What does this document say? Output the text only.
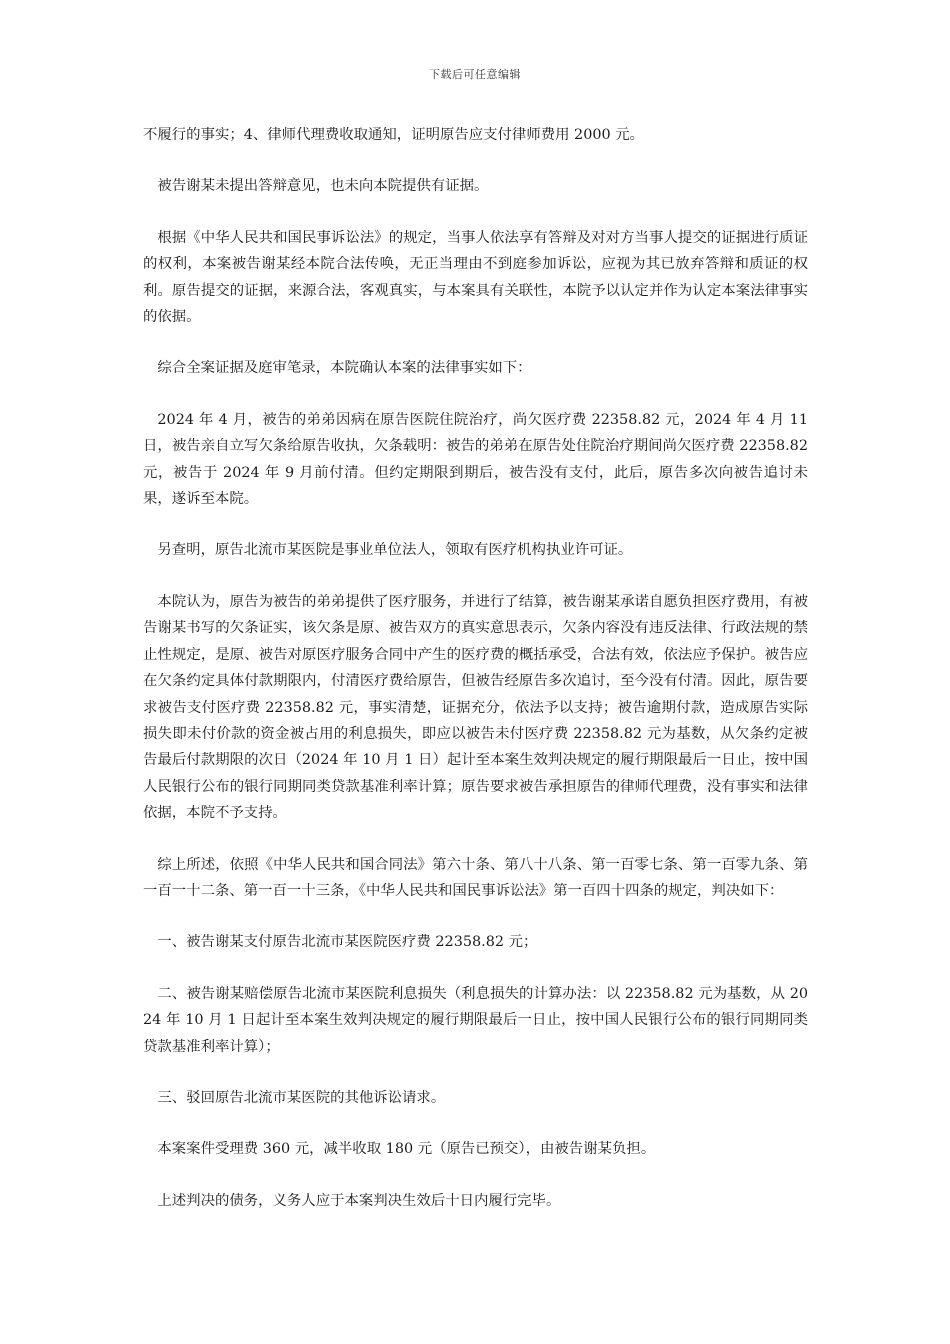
下载后可任意编辑

不履行的事实；4、律师代理费收取通知，证明原告应支付律师费用 2000 元。

被告谢某未提出答辩意见，也未向本院提供有证据。

根据《中华人民共和国民事诉讼法》的规定，当事人依法享有答辩及对对方当事人提交的证据进行质证的权利，本案被告谢某经本院合法传唤，无正当理由不到庭参加诉讼，应视为其已放弃答辩和质证的权利。原告提交的证据，来源合法，客观真实，与本案具有关联性，本院予以认定并作为认定本案法律事实的依据。

综合全案证据及庭审笔录，本院确认本案的法律事实如下：

2024 年 4 月，被告的弟弟因病在原告医院住院治疗，尚欠医疗费 22358.82 元，2024 年 4 月 11 日，被告亲自立写欠条给原告收执，欠条载明：被告的弟弟在原告处住院治疗期间尚欠医疗费 22358.82 元，被告于 2024 年 9 月前付清。但约定期限到期后，被告没有支付，此后，原告多次向被告追讨未果，遂诉至本院。

另查明，原告北流市某医院是事业单位法人，领取有医疗机构执业许可证。

本院认为，原告为被告的弟弟提供了医疗服务，并进行了结算，被告谢某承诺自愿负担医疗费用，有被告谢某书写的欠条证实，该欠条是原、被告双方的真实意思表示，欠条内容没有违反法律、行政法规的禁止性规定，是原、被告对原医疗服务合同中产生的医疗费的概括承受，合法有效，依法应予保护。被告应在欠条约定具体付款期限内，付清医疗费给原告，但被告经原告多次追讨，至今没有付清。因此，原告要求被告支付医疗费 22358.82 元，事实清楚，证据充分，依法予以支持；被告逾期付款，造成原告实际损失即未付价款的资金被占用的利息损失，即应以被告未付医疗费 22358.82 元为基数，从欠条约定被告最后付款期限的次日（2024 年 10 月 1 日）起计至本案生效判决规定的履行期限最后一日止，按中国人民银行公布的银行同期同类贷款基准利率计算；原告要求被告承担原告的律师代理费，没有事实和法律依据，本院不予支持。

综上所述，依照《中华人民共和国合同法》第六十条、第八十八条、第一百零七条、第一百零九条、第一百一十二条、第一百一十三条，《中华人民共和国民事诉讼法》第一百四十四条的规定，判决如下：

一、被告谢某支付原告北流市某医院医疗费 22358.82 元；

二、被告谢某赔偿原告北流市某医院利息损失（利息损失的计算办法：以 22358.82 元为基数，从 2024 年 10 月 1 日起计至本案生效判决规定的履行期限最后一日止，按中国人民银行公布的银行同期同类贷款基准利率计算）；

三、驳回原告北流市某医院的其他诉讼请求。

本案案件受理费 360 元，减半收取 180 元（原告已预交），由被告谢某负担。

上述判决的债务，义务人应于本案判决生效后十日内履行完毕。
